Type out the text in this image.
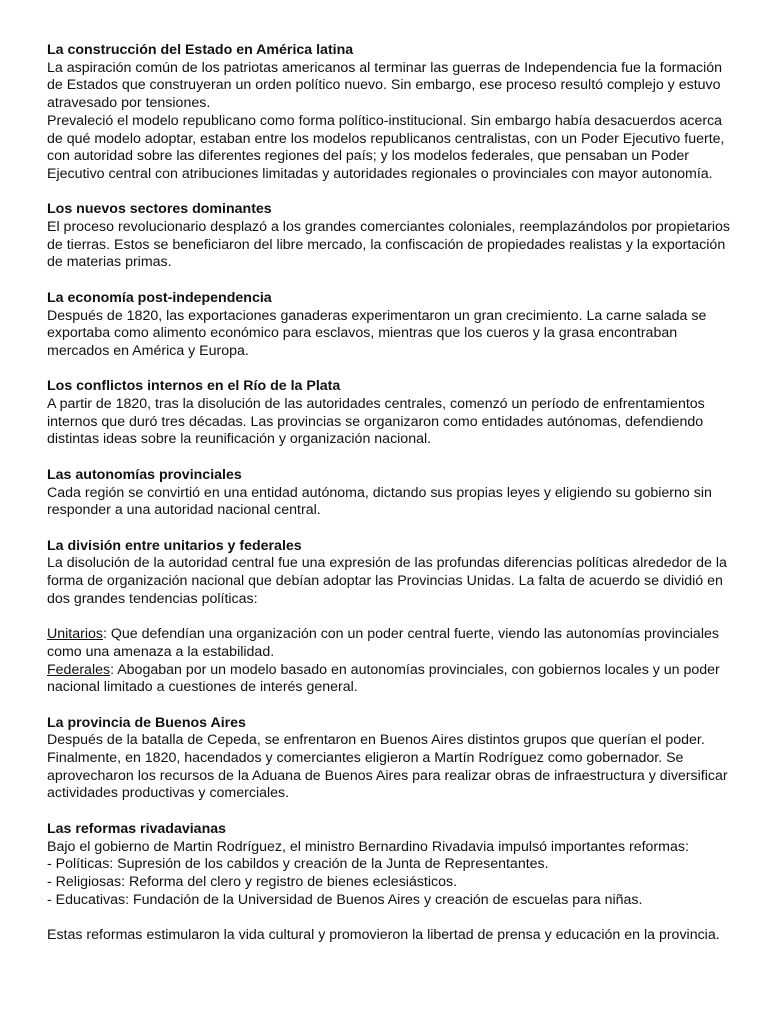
La construcción del Estado en América latina

La aspiración común de los patriotas americanos al terminar las guerras de Independencia fue la formación de Estados que construyeran un orden político nuevo. Sin embargo, ese proceso resultó complejo y estuvo atravesado por tensiones.

Prevaleció el modelo republicano como forma político-institucional. Sin embargo había desacuerdos acerca de qué modelo adoptar, estaban entre los modelos republicanos centralistas, con un Poder Ejecutivo fuerte, con autoridad sobre las diferentes regiones del país; y los modelos federales, que pensaban un Poder Ejecutivo central con atribuciones limitadas y autoridades regionales o provinciales con mayor autonomía.

Los nuevos sectores dominantes

El proceso revolucionario desplazó a los grandes comerciantes coloniales, reemplazándolos por propietarios de tierras. Estos se beneficiaron del libre mercado, la confiscación de propiedades realistas y la exportación de materias primas.

La economía post-independencia

Después de 1820, las exportaciones ganaderas experimentaron un gran crecimiento. La carne salada se exportaba como alimento económico para esclavos, mientras que los cueros y la grasa encontraban mercados en América y Europa.

Los conflictos internos en el Río de la Plata

A partir de 1820, tras la disolución de las autoridades centrales, comenzó un período de enfrentamientos internos que duró tres décadas. Las provincias se organizaron como entidades autónomas, defendiendo distintas ideas sobre la reunificación y organización nacional.

Las autonomías provinciales

Cada región se convirtió en una entidad autónoma, dictando sus propias leyes y eligiendo su gobierno sin responder a una autoridad nacional central.

La división entre unitarios y federales

La disolución de la autoridad central fue una expresión de las profundas diferencias políticas alrededor de la forma de organización nacional que debían adoptar las Provincias Unidas. La falta de acuerdo se dividió en dos grandes tendencias políticas:

Unitarios: Que defendían una organización con un poder central fuerte, viendo las autonomías provinciales como una amenaza a la estabilidad.

Federales: Abogaban por un modelo basado en autonomías provinciales, con gobiernos locales y un poder nacional limitado a cuestiones de interés general.

La provincia de Buenos Aires

Después de la batalla de Cepeda, se enfrentaron en Buenos Aires distintos grupos que querían el poder. Finalmente, en 1820, hacendados y comerciantes eligieron a Martín Rodríguez como gobernador. Se aprovecharon los recursos de la Aduana de Buenos Aires para realizar obras de infraestructura y diversificar actividades productivas y comerciales.

Las reformas rivadavianas

Bajo el gobierno de Martin Rodríguez, el ministro Bernardino Rivadavia impulsó importantes reformas:

- Políticas: Supresión de los cabildos y creación de la Junta de Representantes.

- Religiosas: Reforma del clero y registro de bienes eclesiásticos.

- Educativas: Fundación de la Universidad de Buenos Aires y creación de escuelas para niñas.

Estas reformas estimularon la vida cultural y promovieron la libertad de prensa y educación en la provincia.
